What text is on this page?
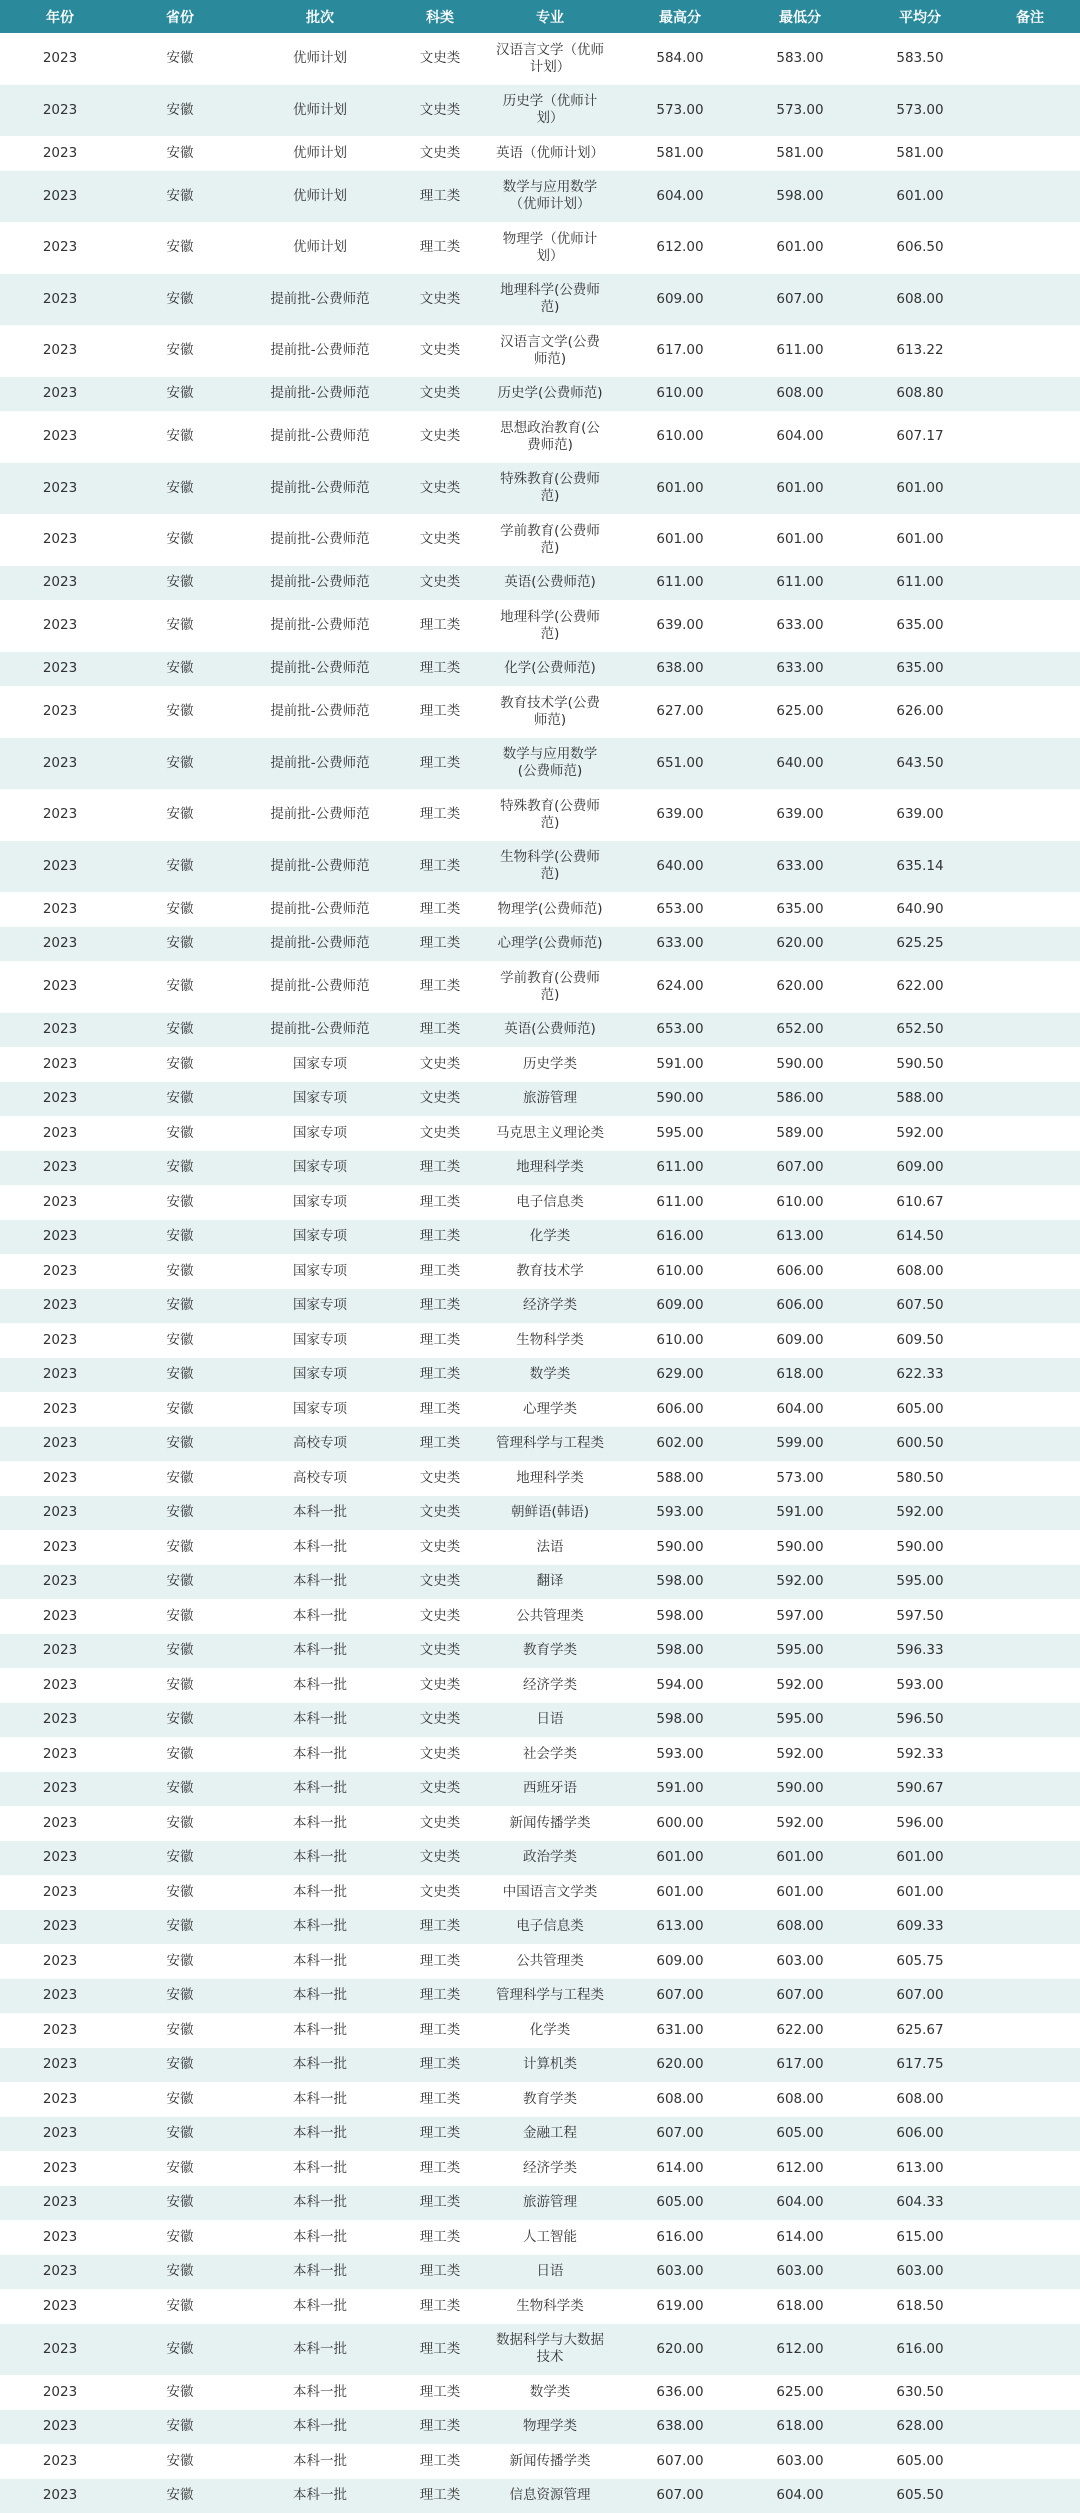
年份	省份	批次	科类	专业	最高分	最低分	平均分	备注
2023	安徽	优师计划	文史类	汉语言文学（优师计划）	584.00	583.00	583.50	
2023	安徽	优师计划	文史类	历史学（优师计划）	573.00	573.00	573.00	
2023	安徽	优师计划	文史类	英语（优师计划）	581.00	581.00	581.00	
2023	安徽	优师计划	理工类	数学与应用数学（优师计划）	604.00	598.00	601.00	
2023	安徽	优师计划	理工类	物理学（优师计划）	612.00	601.00	606.50	
2023	安徽	提前批-公费师范	文史类	地理科学(公费师范)	609.00	607.00	608.00	
2023	安徽	提前批-公费师范	文史类	汉语言文学(公费师范)	617.00	611.00	613.22	
2023	安徽	提前批-公费师范	文史类	历史学(公费师范)	610.00	608.00	608.80	
2023	安徽	提前批-公费师范	文史类	思想政治教育(公费师范)	610.00	604.00	607.17	
2023	安徽	提前批-公费师范	文史类	特殊教育(公费师范)	601.00	601.00	601.00	
2023	安徽	提前批-公费师范	文史类	学前教育(公费师范)	601.00	601.00	601.00	
2023	安徽	提前批-公费师范	文史类	英语(公费师范)	611.00	611.00	611.00	
2023	安徽	提前批-公费师范	理工类	地理科学(公费师范)	639.00	633.00	635.00	
2023	安徽	提前批-公费师范	理工类	化学(公费师范)	638.00	633.00	635.00	
2023	安徽	提前批-公费师范	理工类	教育技术学(公费师范)	627.00	625.00	626.00	
2023	安徽	提前批-公费师范	理工类	数学与应用数学(公费师范)	651.00	640.00	643.50	
2023	安徽	提前批-公费师范	理工类	特殊教育(公费师范)	639.00	639.00	639.00	
2023	安徽	提前批-公费师范	理工类	生物科学(公费师范)	640.00	633.00	635.14	
2023	安徽	提前批-公费师范	理工类	物理学(公费师范)	653.00	635.00	640.90	
2023	安徽	提前批-公费师范	理工类	心理学(公费师范)	633.00	620.00	625.25	
2023	安徽	提前批-公费师范	理工类	学前教育(公费师范)	624.00	620.00	622.00	
2023	安徽	提前批-公费师范	理工类	英语(公费师范)	653.00	652.00	652.50	
2023	安徽	国家专项	文史类	历史学类	591.00	590.00	590.50	
2023	安徽	国家专项	文史类	旅游管理	590.00	586.00	588.00	
2023	安徽	国家专项	文史类	马克思主义理论类	595.00	589.00	592.00	
2023	安徽	国家专项	理工类	地理科学类	611.00	607.00	609.00	
2023	安徽	国家专项	理工类	电子信息类	611.00	610.00	610.67	
2023	安徽	国家专项	理工类	化学类	616.00	613.00	614.50	
2023	安徽	国家专项	理工类	教育技术学	610.00	606.00	608.00	
2023	安徽	国家专项	理工类	经济学类	609.00	606.00	607.50	
2023	安徽	国家专项	理工类	生物科学类	610.00	609.00	609.50	
2023	安徽	国家专项	理工类	数学类	629.00	618.00	622.33	
2023	安徽	国家专项	理工类	心理学类	606.00	604.00	605.00	
2023	安徽	高校专项	理工类	管理科学与工程类	602.00	599.00	600.50	
2023	安徽	高校专项	文史类	地理科学类	588.00	573.00	580.50	
2023	安徽	本科一批	文史类	朝鲜语(韩语)	593.00	591.00	592.00	
2023	安徽	本科一批	文史类	法语	590.00	590.00	590.00	
2023	安徽	本科一批	文史类	翻译	598.00	592.00	595.00	
2023	安徽	本科一批	文史类	公共管理类	598.00	597.00	597.50	
2023	安徽	本科一批	文史类	教育学类	598.00	595.00	596.33	
2023	安徽	本科一批	文史类	经济学类	594.00	592.00	593.00	
2023	安徽	本科一批	文史类	日语	598.00	595.00	596.50	
2023	安徽	本科一批	文史类	社会学类	593.00	592.00	592.33	
2023	安徽	本科一批	文史类	西班牙语	591.00	590.00	590.67	
2023	安徽	本科一批	文史类	新闻传播学类	600.00	592.00	596.00	
2023	安徽	本科一批	文史类	政治学类	601.00	601.00	601.00	
2023	安徽	本科一批	文史类	中国语言文学类	601.00	601.00	601.00	
2023	安徽	本科一批	理工类	电子信息类	613.00	608.00	609.33	
2023	安徽	本科一批	理工类	公共管理类	609.00	603.00	605.75	
2023	安徽	本科一批	理工类	管理科学与工程类	607.00	607.00	607.00	
2023	安徽	本科一批	理工类	化学类	631.00	622.00	625.67	
2023	安徽	本科一批	理工类	计算机类	620.00	617.00	617.75	
2023	安徽	本科一批	理工类	教育学类	608.00	608.00	608.00	
2023	安徽	本科一批	理工类	金融工程	607.00	605.00	606.00	
2023	安徽	本科一批	理工类	经济学类	614.00	612.00	613.00	
2023	安徽	本科一批	理工类	旅游管理	605.00	604.00	604.33	
2023	安徽	本科一批	理工类	人工智能	616.00	614.00	615.00	
2023	安徽	本科一批	理工类	日语	603.00	603.00	603.00	
2023	安徽	本科一批	理工类	生物科学类	619.00	618.00	618.50	
2023	安徽	本科一批	理工类	数据科学与大数据技术	620.00	612.00	616.00	
2023	安徽	本科一批	理工类	数学类	636.00	625.00	630.50	
2023	安徽	本科一批	理工类	物理学类	638.00	618.00	628.00	
2023	安徽	本科一批	理工类	新闻传播学类	607.00	603.00	605.00	
2023	安徽	本科一批	理工类	信息资源管理	607.00	604.00	605.50	
